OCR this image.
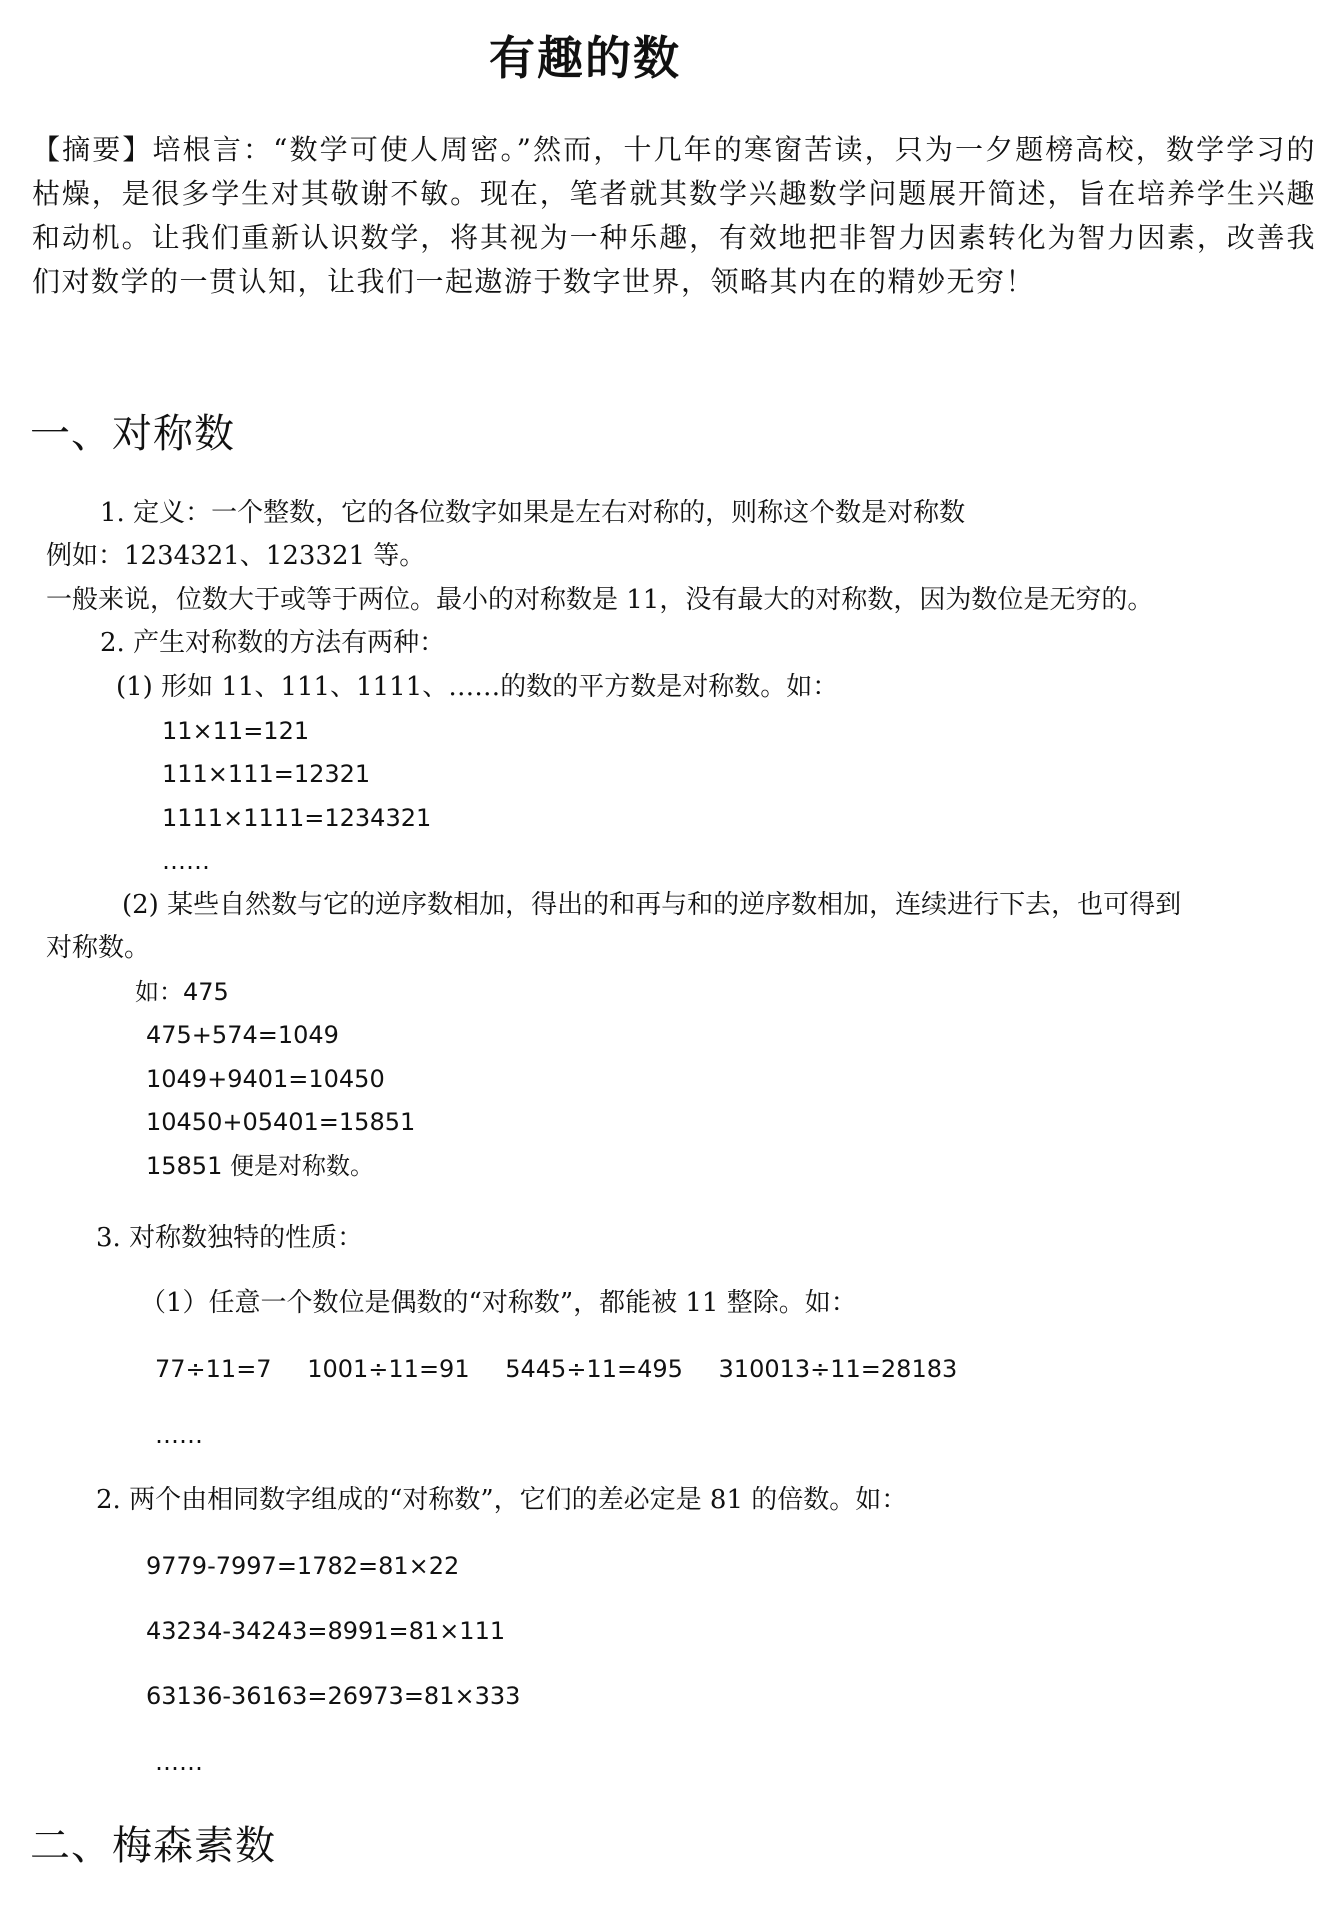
有趣的数

【摘要】培根言：“数学可使人周密。”然而，十几年的寒窗苦读，只为一夕题榜高校，数学学习的枯燥，是很多学生对其敬谢不敏。现在，笔者就其数学兴趣数学问题展开简述，旨在培养学生兴趣和动机。让我们重新认识数学，将其视为一种乐趣，有效地把非智力因素转化为智力因素，改善我们对数学的一贯认知，让我们一起遨游于数字世界，领略其内在的精妙无穷！

一、对称数
1. 定义：一个整数，它的各位数字如果是左右对称的，则称这个数是对称数
例如：1234321、123321 等。
一般来说，位数大于或等于两位。最小的对称数是 11，没有最大的对称数，因为数位是无穷的。
2. 产生对称数的方法有两种：
(1) 形如 11、111、1111、……的数的平方数是对称数。如：
11×11=121
111×111=12321
1111×1111=1234321
……
(2) 某些自然数与它的逆序数相加，得出的和再与和的逆序数相加，连续进行下去，也可得到
对称数。
如：475
475+574=1049
1049+9401=10450
10450+05401=15851
15851 便是对称数。
3. 对称数独特的性质：
（1）任意一个数位是偶数的“对称数”，都能被 11 整除。如：
77÷11=7 1001÷11=91 5445÷11=495 310013÷11=28183
……
2. 两个由相同数字组成的“对称数”，它们的差必定是 81 的倍数。如：
9779-7997=1782=81×22
43234-34243=8991=81×111
63136-36163=26973=81×333
……
二、梅森素数
